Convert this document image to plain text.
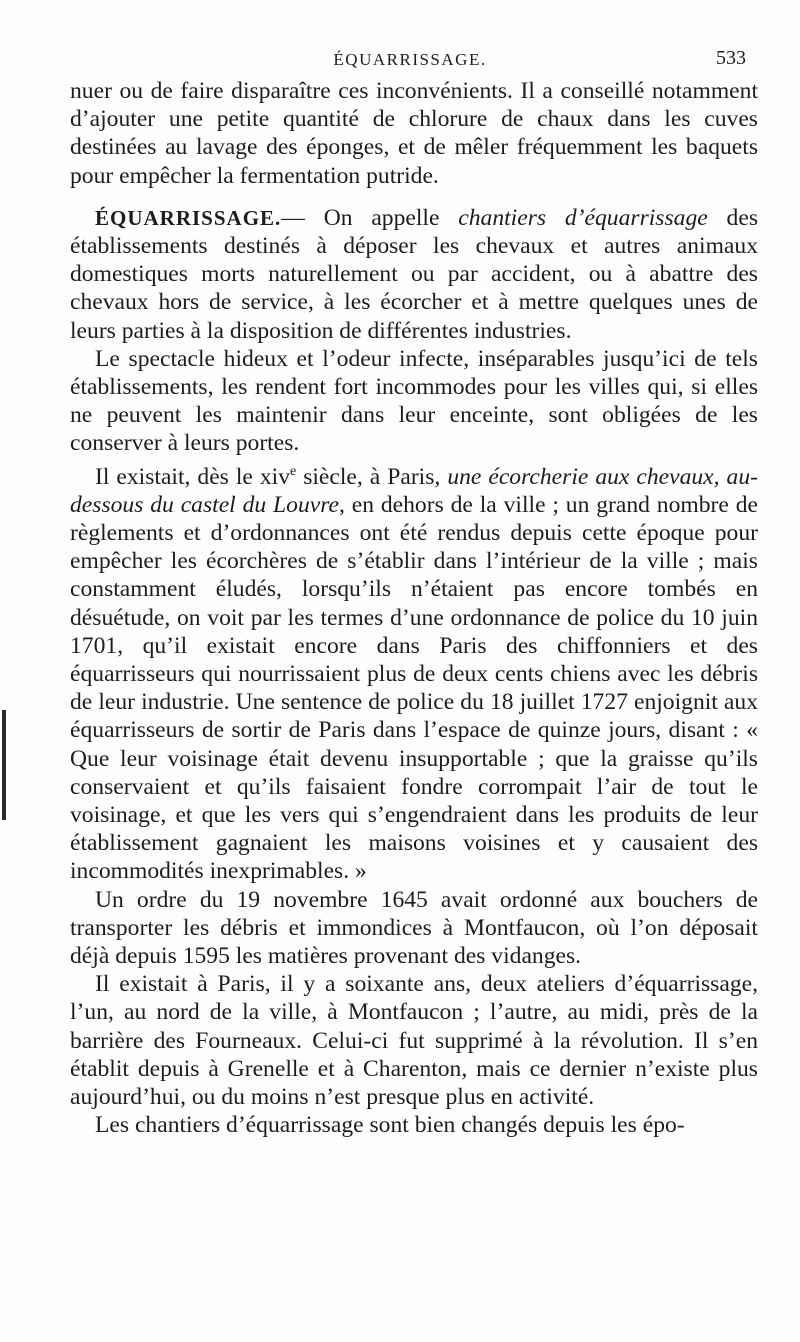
ÉQUARRISSAGE.	533

nuer ou de faire disparaître ces inconvénients. Il a conseillé notamment d’ajouter une petite quantité de chlorure de chaux dans les cuves destinées au lavage des éponges, et de mêler fréquemment les baquets pour empêcher la fermentation putride.

ÉQUARRISSAGE.— On appelle chantiers d’équarrissage des établissements destinés à déposer les chevaux et autres animaux domestiques morts naturellement ou par accident, ou à abattre des chevaux hors de service, à les écorcher et à mettre quelques unes de leurs parties à la disposition de différentes industries.

Le spectacle hideux et l’odeur infecte, inséparables jusqu’ici de tels établissements, les rendent fort incommodes pour les villes qui, si elles ne peuvent les maintenir dans leur enceinte, sont obligées de les conserver à leurs portes.

Il existait, dès le xiv$^e$ siècle, à Paris, une écorcherie aux chevaux, au-dessous du castel du Louvre, en dehors de la ville ; un grand nombre de règlements et d’ordonnances ont été rendus depuis cette époque pour empêcher les écorchères de s’établir dans l’intérieur de la ville ; mais constamment éludés, lorsqu’ils n’étaient pas encore tombés en désuétude, on voit par les termes d’une ordonnance de police du 10 juin 1701, qu’il existait encore dans Paris des chiffonniers et des équarrisseurs qui nourrissaient plus de deux cents chiens avec les débris de leur industrie. Une sentence de police du 18 juillet 1727 enjoignit aux équarrisseurs de sortir de Paris dans l’espace de quinze jours, disant : « Que leur voisinage était devenu insupportable ; que la graisse qu’ils conservaient et qu’ils faisaient fondre corrompait l’air de tout le voisinage, et que les vers qui s’engendraient dans les produits de leur établissement gagnaient les maisons voisines et y causaient des incommodités inexprimables. »

Un ordre du 19 novembre 1645 avait ordonné aux bouchers de transporter les débris et immondices à Montfaucon, où l’on déposait déjà depuis 1595 les matières provenant des vidanges.

Il existait à Paris, il y a soixante ans, deux ateliers d’équarrissage, l’un, au nord de la ville, à Montfaucon ; l’autre, au midi, près de la barrière des Fourneaux. Celui-ci fut supprimé à la révolution. Il s’en établit depuis à Grenelle et à Charenton, mais ce dernier n’existe plus aujourd’hui, ou du moins n’est presque plus en activité.

Les chantiers d’équarrissage sont bien changés depuis les épo-
